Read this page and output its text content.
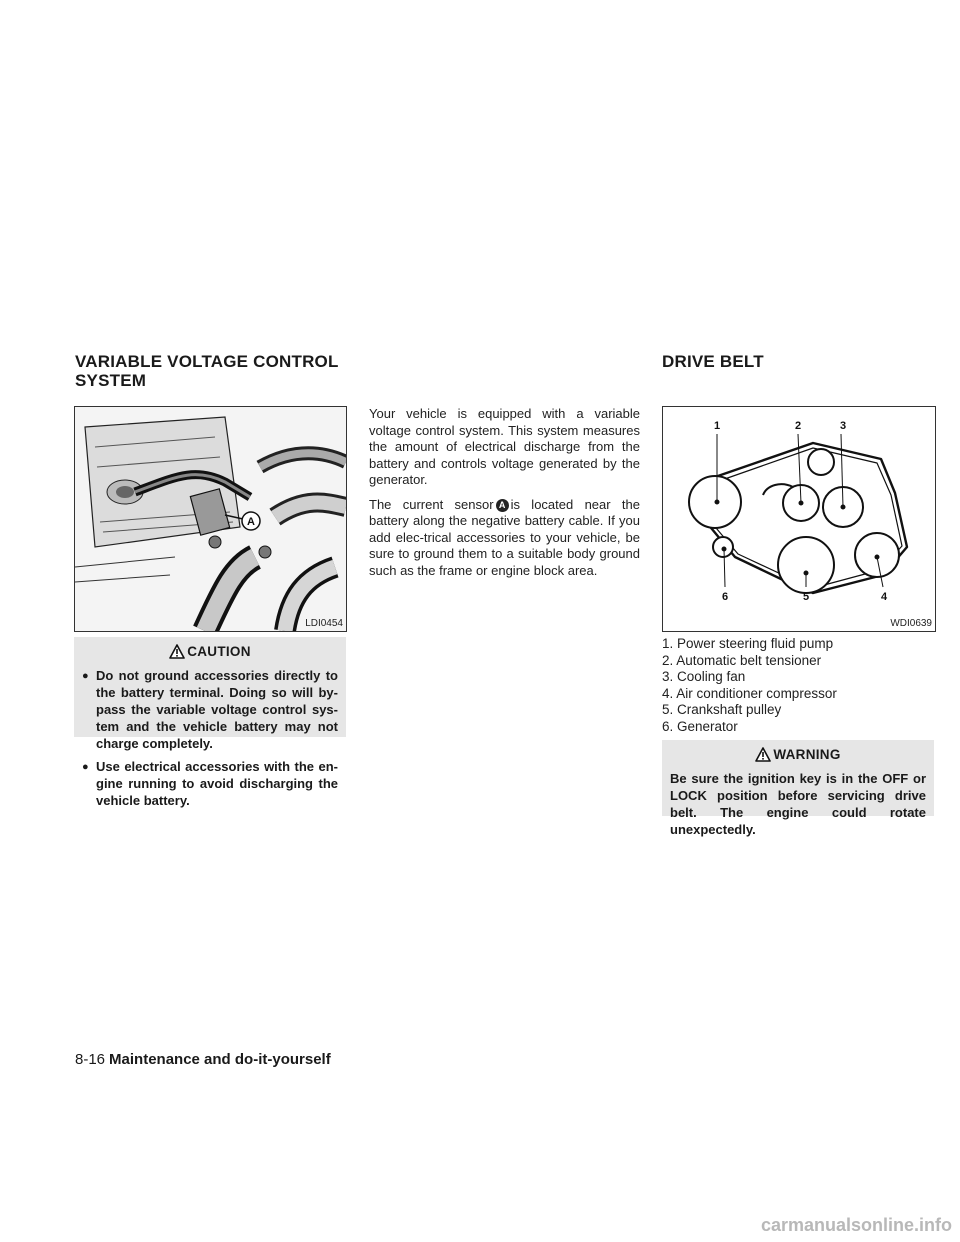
VARIABLE VOLTAGE CONTROL
SYSTEM
DRIVE BELT
A
LDI0454
CAUTION
● Do not ground accessories directly to the battery terminal. Doing so will by-pass the variable voltage control sys-tem and the vehicle battery may not charge completely.
● Use electrical accessories with the en-gine running to avoid discharging the vehicle battery.

Your vehicle is equipped with a variable voltage control system. This system measures the amount of electrical discharge from the battery and controls voltage generated by the generator.

The current sensor A is located near the battery along the negative battery cable. If you add elec-trical accessories to your vehicle, be sure to ground them to a suitable body ground such as the frame or engine block area.

1	2	3
4
5
6
WDI0639
1. Power steering fluid pump
2. Automatic belt tensioner
3. Cooling fan
4. Air conditioner compressor
5. Crankshaft pulley
6. Generator
WARNING
Be sure the ignition key is in the OFF or LOCK position before servicing drive belt. The engine could rotate unexpectedly.
8-16 Maintenance and do-it-yourself
carmanualsonline.info
